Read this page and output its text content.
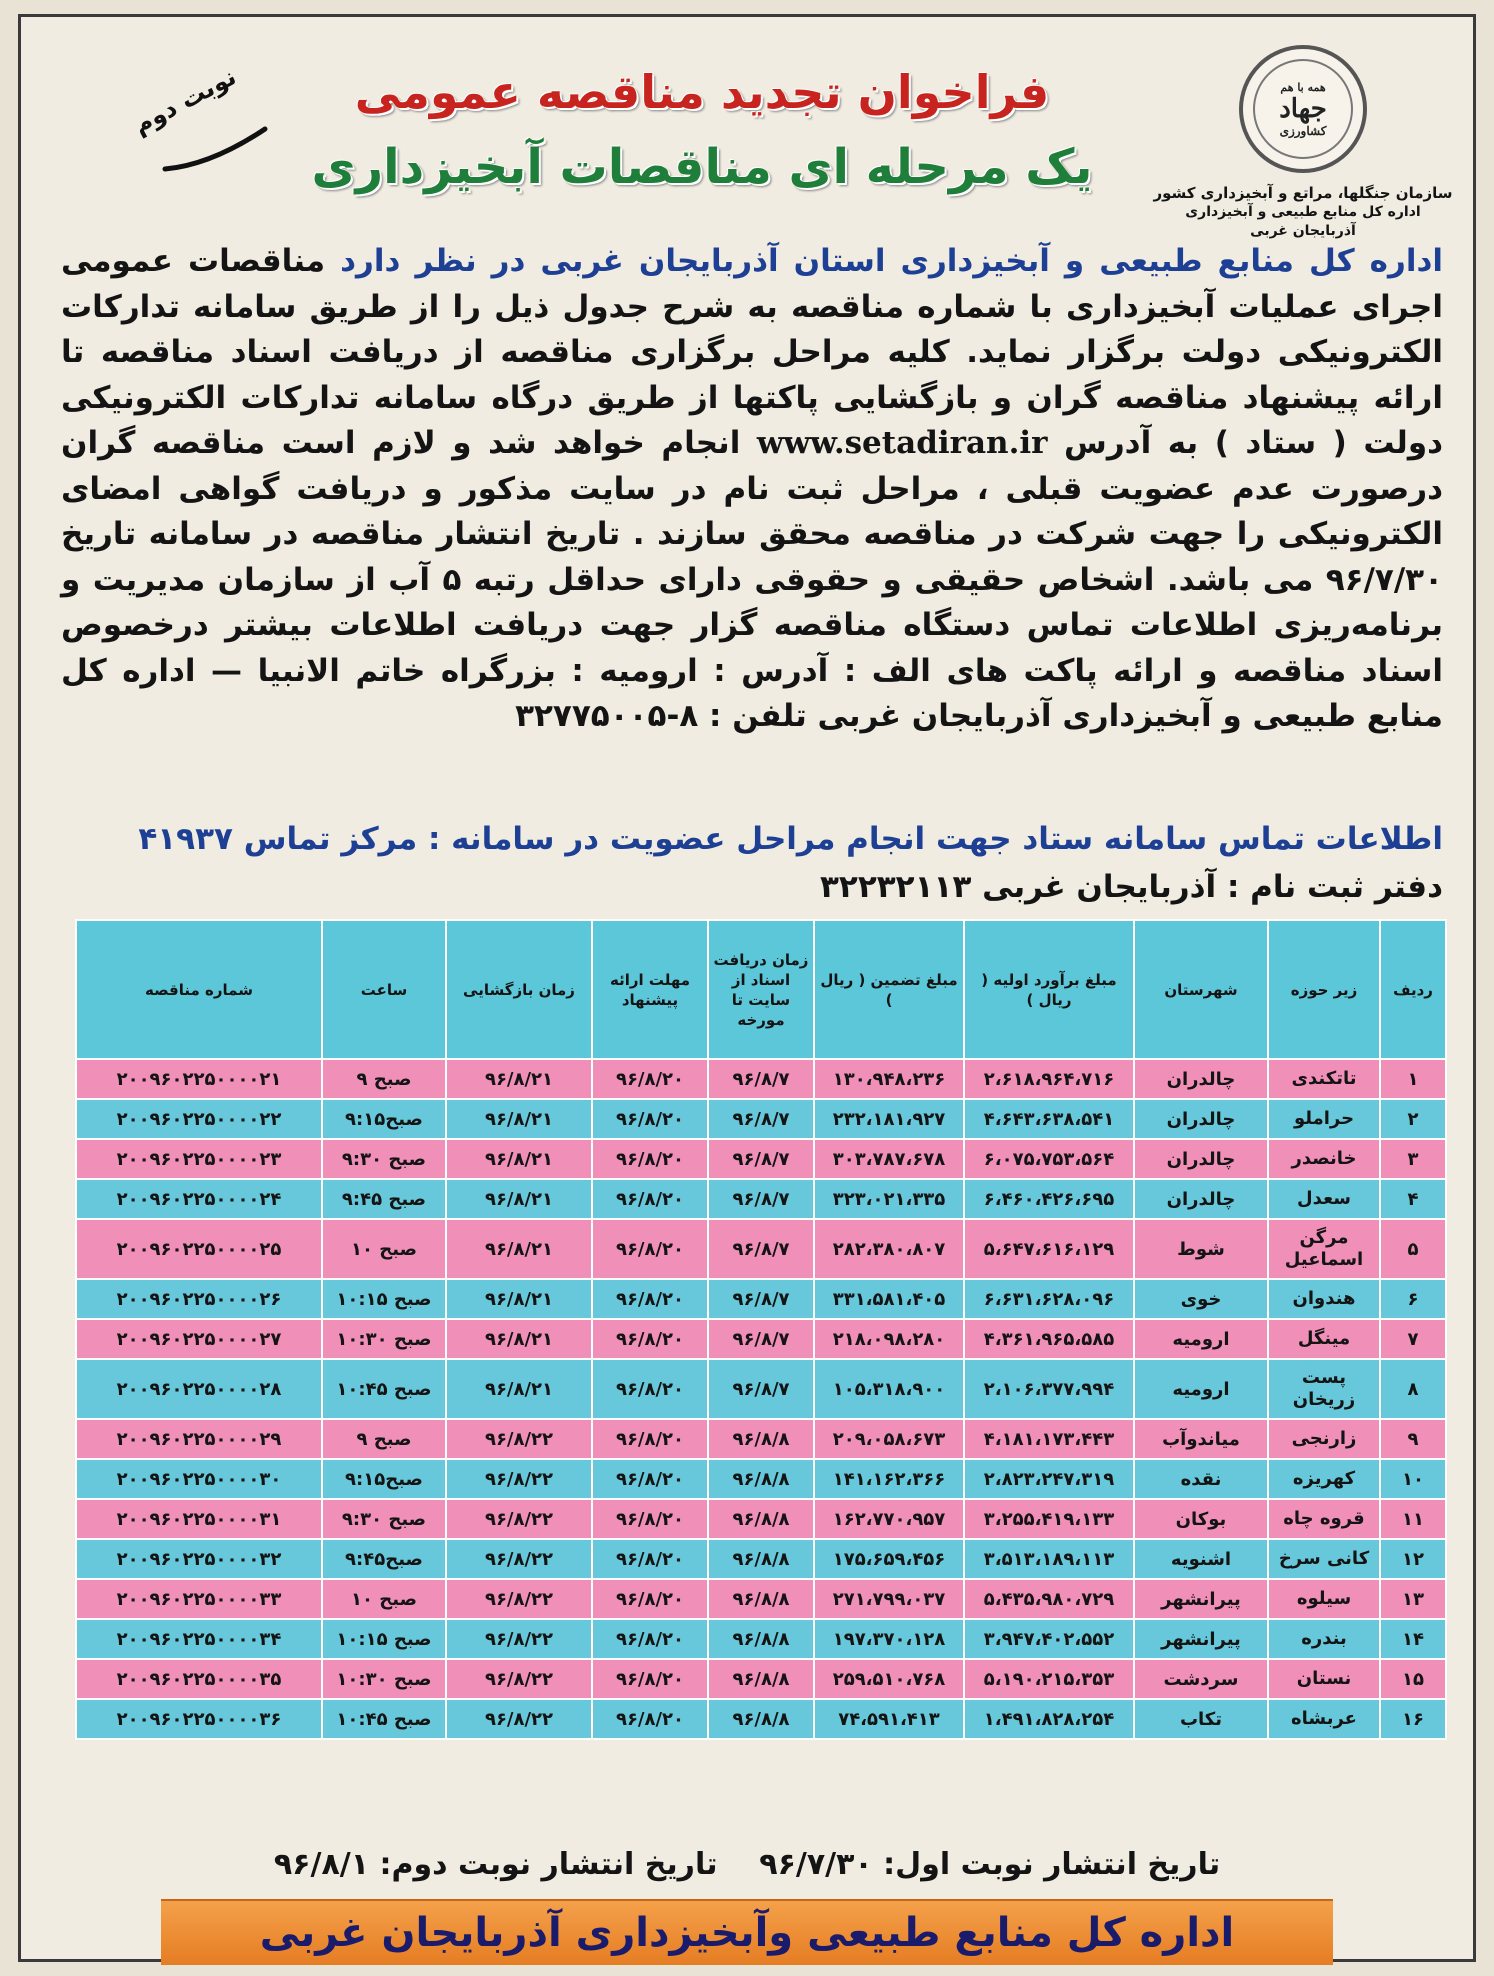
همه با هم
جهاد
کشاورزی
سازمان جنگلها، مراتع و آبخیزداری کشور
اداره کل منابع طبیعی و آبخیزداری آذربایجان غربی
فراخوان تجدید مناقصه عمومی
یک مرحله ای مناقصات آبخیزداری
نوبت دوم
اداره کل منابع طبیعی و آبخیزداری استان آذربایجان غربی در نظر دارد مناقصات عمومی اجرای عملیات آبخیزداری با شماره مناقصه به شرح جدول ذیل را از طریق سامانه تدارکات الکترونیکی دولت برگزار نماید. کلیه مراحل برگزاری مناقصه از دریافت اسناد مناقصه تا ارائه پیشنهاد مناقصه گران و بازگشایی پاکتها از طریق درگاه سامانه تدارکات الکترونیکی دولت ( ستاد ) به آدرس www.setadiran.ir انجام خواهد شد و لازم است مناقصه گران درصورت عدم عضویت قبلی ، مراحل ثبت نام در سایت مذکور و دریافت گواهی امضای الکترونیکی را جهت شرکت در مناقصه محقق سازند . تاریخ انتشار مناقصه در سامانه تاریخ ۹۶/۷/۳۰ می باشد. اشخاص حقیقی و حقوقی دارای حداقل رتبه ۵ آب از سازمان مدیریت و برنامه‌ریزی اطلاعات تماس دستگاه مناقصه گزار جهت دریافت اطلاعات بیشتر درخصوص اسناد مناقصه و ارائه پاکت های الف : آدرس : ارومیه : بزرگراه خاتم الانبیا — اداره کل منابع طبیعی و آبخیزداری آذربایجان غربی تلفن : ۸-۳۲۷۷۵۰۰۵
اطلاعات تماس سامانه ستاد جهت انجام مراحل عضویت در سامانه : مرکز تماس ۴۱۹۳۷
دفتر ثبت نام : آذربایجان غربی ۳۲۲۳۲۱۱۳
ردیف	زیر حوزه	شهرستان	مبلغ برآورد اولیه ( ریال )	مبلغ تضمین ( ریال )	زمان دریافت اسناد از سایت تا مورخه	مهلت ارائه پیشنهاد	زمان بازگشایی	ساعت	شماره مناقصه
۱	تاتکندی	چالدران	۲،۶۱۸،۹۶۴،۷۱۶	۱۳۰،۹۴۸،۲۳۶	۹۶/۸/۷	۹۶/۸/۲۰	۹۶/۸/۲۱	صبح ۹	۲۰۰۹۶۰۲۲۵۰۰۰۰۲۱
۲	حراملو	چالدران	۴،۶۴۳،۶۳۸،۵۴۱	۲۳۲،۱۸۱،۹۲۷	۹۶/۸/۷	۹۶/۸/۲۰	۹۶/۸/۲۱	صبح۹:۱۵	۲۰۰۹۶۰۲۲۵۰۰۰۰۲۲
۳	خانصدر	چالدران	۶،۰۷۵،۷۵۳،۵۶۴	۳۰۳،۷۸۷،۶۷۸	۹۶/۸/۷	۹۶/۸/۲۰	۹۶/۸/۲۱	صبح ۹:۳۰	۲۰۰۹۶۰۲۲۵۰۰۰۰۲۳
۴	سعدل	چالدران	۶،۴۶۰،۴۲۶،۶۹۵	۳۲۳،۰۲۱،۳۳۵	۹۶/۸/۷	۹۶/۸/۲۰	۹۶/۸/۲۱	صبح ۹:۴۵	۲۰۰۹۶۰۲۲۵۰۰۰۰۲۴
۵	مرگن اسماعیل	شوط	۵،۶۴۷،۶۱۶،۱۲۹	۲۸۲،۳۸۰،۸۰۷	۹۶/۸/۷	۹۶/۸/۲۰	۹۶/۸/۲۱	صبح ۱۰	۲۰۰۹۶۰۲۲۵۰۰۰۰۲۵
۶	هندوان	خوی	۶،۶۳۱،۶۲۸،۰۹۶	۳۳۱،۵۸۱،۴۰۵	۹۶/۸/۷	۹۶/۸/۲۰	۹۶/۸/۲۱	صبح ۱۰:۱۵	۲۰۰۹۶۰۲۲۵۰۰۰۰۲۶
۷	مینگل	ارومیه	۴،۳۶۱،۹۶۵،۵۸۵	۲۱۸،۰۹۸،۲۸۰	۹۶/۸/۷	۹۶/۸/۲۰	۹۶/۸/۲۱	صبح ۱۰:۳۰	۲۰۰۹۶۰۲۲۵۰۰۰۰۲۷
۸	پست زریخان	ارومیه	۲،۱۰۶،۳۷۷،۹۹۴	۱۰۵،۳۱۸،۹۰۰	۹۶/۸/۷	۹۶/۸/۲۰	۹۶/۸/۲۱	صبح ۱۰:۴۵	۲۰۰۹۶۰۲۲۵۰۰۰۰۲۸
۹	زارنجی	میاندوآب	۴،۱۸۱،۱۷۳،۴۴۳	۲۰۹،۰۵۸،۶۷۳	۹۶/۸/۸	۹۶/۸/۲۰	۹۶/۸/۲۲	صبح ۹	۲۰۰۹۶۰۲۲۵۰۰۰۰۲۹
۱۰	کهریزه	نقده	۲،۸۲۳،۲۴۷،۳۱۹	۱۴۱،۱۶۲،۳۶۶	۹۶/۸/۸	۹۶/۸/۲۰	۹۶/۸/۲۲	صبح۹:۱۵	۲۰۰۹۶۰۲۲۵۰۰۰۰۳۰
۱۱	قروه چاه	بوکان	۳،۲۵۵،۴۱۹،۱۳۳	۱۶۲،۷۷۰،۹۵۷	۹۶/۸/۸	۹۶/۸/۲۰	۹۶/۸/۲۲	صبح ۹:۳۰	۲۰۰۹۶۰۲۲۵۰۰۰۰۳۱
۱۲	کانی سرخ	اشنویه	۳،۵۱۳،۱۸۹،۱۱۳	۱۷۵،۶۵۹،۴۵۶	۹۶/۸/۸	۹۶/۸/۲۰	۹۶/۸/۲۲	صبح۹:۴۵	۲۰۰۹۶۰۲۲۵۰۰۰۰۳۲
۱۳	سیلوه	پیرانشهر	۵،۴۳۵،۹۸۰،۷۲۹	۲۷۱،۷۹۹،۰۳۷	۹۶/۸/۸	۹۶/۸/۲۰	۹۶/۸/۲۲	صبح ۱۰	۲۰۰۹۶۰۲۲۵۰۰۰۰۳۳
۱۴	بندره	پیرانشهر	۳،۹۴۷،۴۰۲،۵۵۲	۱۹۷،۳۷۰،۱۲۸	۹۶/۸/۸	۹۶/۸/۲۰	۹۶/۸/۲۲	صبح ۱۰:۱۵	۲۰۰۹۶۰۲۲۵۰۰۰۰۳۴
۱۵	نستان	سردشت	۵،۱۹۰،۲۱۵،۳۵۳	۲۵۹،۵۱۰،۷۶۸	۹۶/۸/۸	۹۶/۸/۲۰	۹۶/۸/۲۲	صبح ۱۰:۳۰	۲۰۰۹۶۰۲۲۵۰۰۰۰۳۵
۱۶	عربشاه	تکاب	۱،۴۹۱،۸۲۸،۲۵۴	۷۴،۵۹۱،۴۱۳	۹۶/۸/۸	۹۶/۸/۲۰	۹۶/۸/۲۲	صبح ۱۰:۴۵	۲۰۰۹۶۰۲۲۵۰۰۰۰۳۶
تاریخ انتشار نوبت اول: ۹۶/۷/۳۰    تاریخ انتشار نوبت دوم: ۹۶/۸/۱
اداره کل منابع طبیعی وآبخیزداری آذربایجان غربی
